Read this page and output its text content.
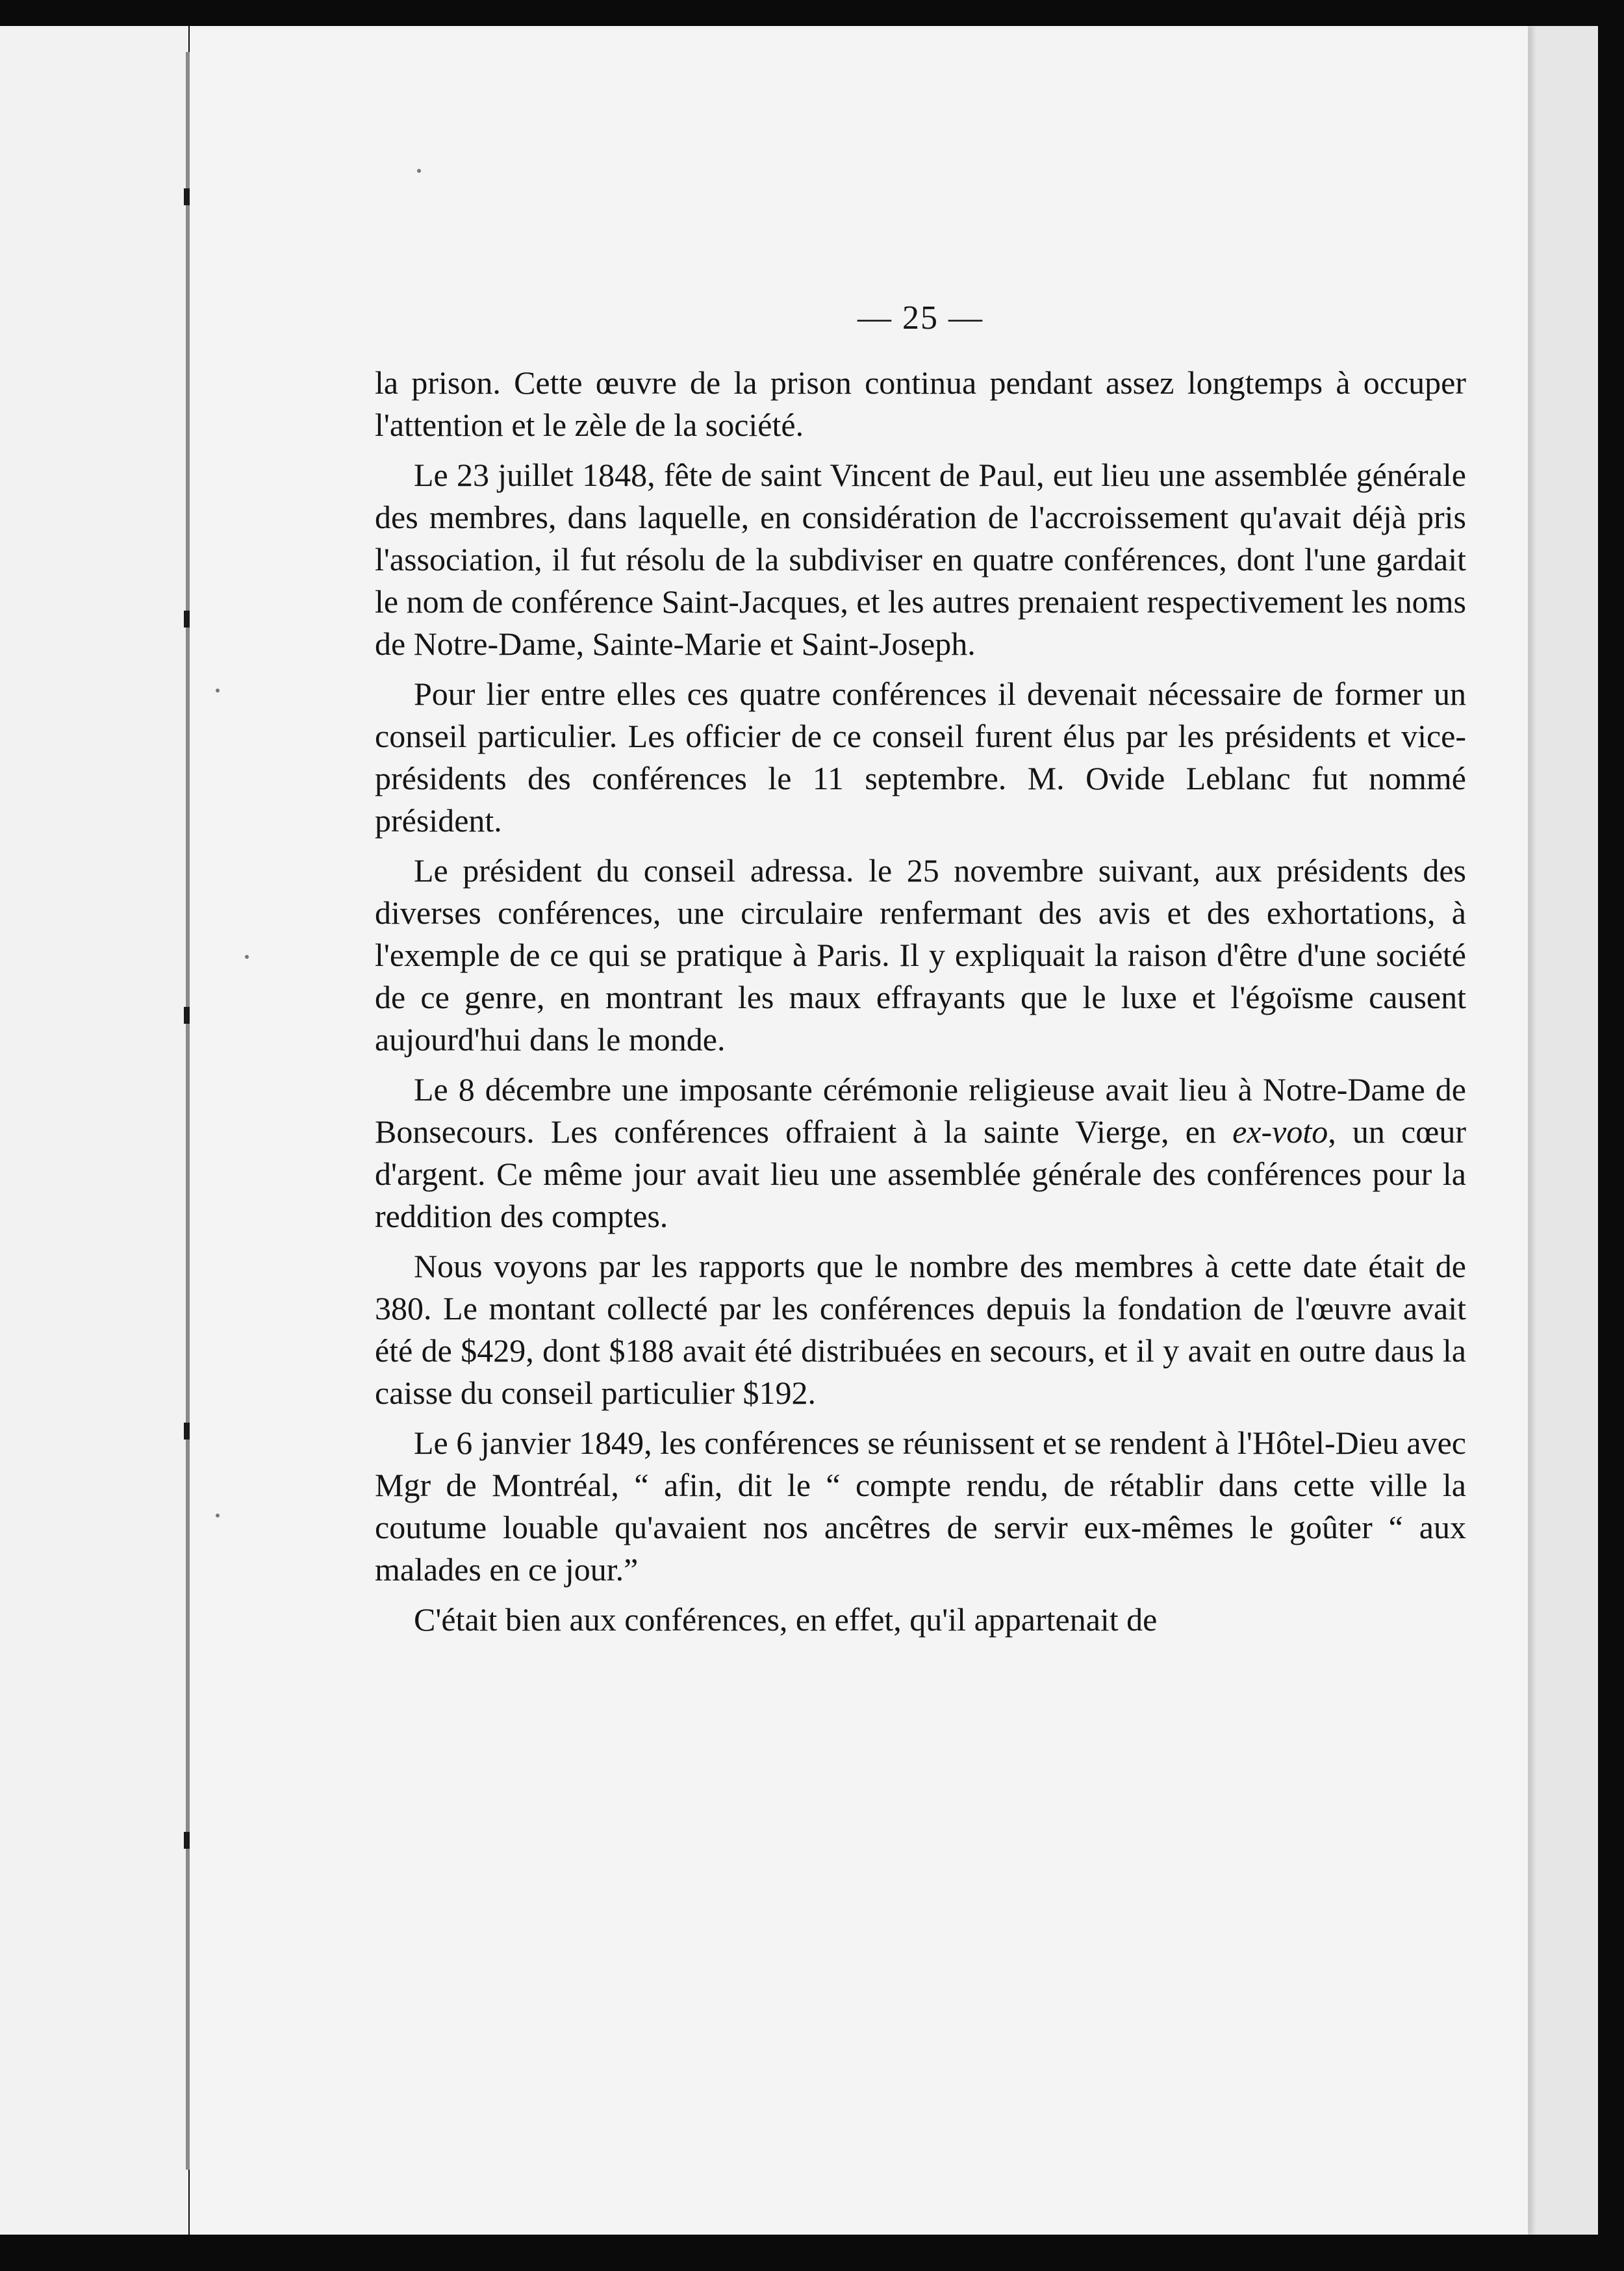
— 25 —

la prison. Cette œuvre de la prison continua pendant assez longtemps à occuper l'attention et le zèle de la société.

Le 23 juillet 1848, fête de saint Vincent de Paul, eut lieu une assemblée générale des membres, dans laquelle, en considération de l'accroissement qu'avait déjà pris l'association, il fut résolu de la subdiviser en quatre conférences, dont l'une gardait le nom de conférence Saint-Jacques, et les autres prenaient respectivement les noms de Notre-Dame, Sainte-Marie et Saint-Joseph.

Pour lier entre elles ces quatre conférences il devenait nécessaire de former un conseil particulier. Les officier de ce conseil furent élus par les présidents et vice-présidents des conférences le 11 septembre. M. Ovide Leblanc fut nommé président.

Le président du conseil adressa. le 25 novembre suivant, aux présidents des diverses conférences, une circulaire renfermant des avis et des exhortations, à l'exemple de ce qui se pratique à Paris. Il y expliquait la raison d'être d'une société de ce genre, en montrant les maux effrayants que le luxe et l'égoïsme causent aujourd'hui dans le monde.

Le 8 décembre une imposante cérémonie religieuse avait lieu à Notre-Dame de Bonsecours. Les conférences offraient à la sainte Vierge, en ex-voto, un cœur d'argent. Ce même jour avait lieu une assemblée générale des conférences pour la reddition des comptes.

Nous voyons par les rapports que le nombre des membres à cette date était de 380. Le montant collecté par les conférences depuis la fondation de l'œuvre avait été de $429, dont $188 avait été distribuées en secours, et il y avait en outre daus la caisse du conseil particulier $192.

Le 6 janvier 1849, les conférences se réunissent et se rendent à l'Hôtel-Dieu avec Mgr de Montréal, “ afin, dit le “ compte rendu, de rétablir dans cette ville la coutume louable qu'avaient nos ancêtres de servir eux-mêmes le goûter “ aux malades en ce jour.”

C'était bien aux conférences, en effet, qu'il appartenait de
